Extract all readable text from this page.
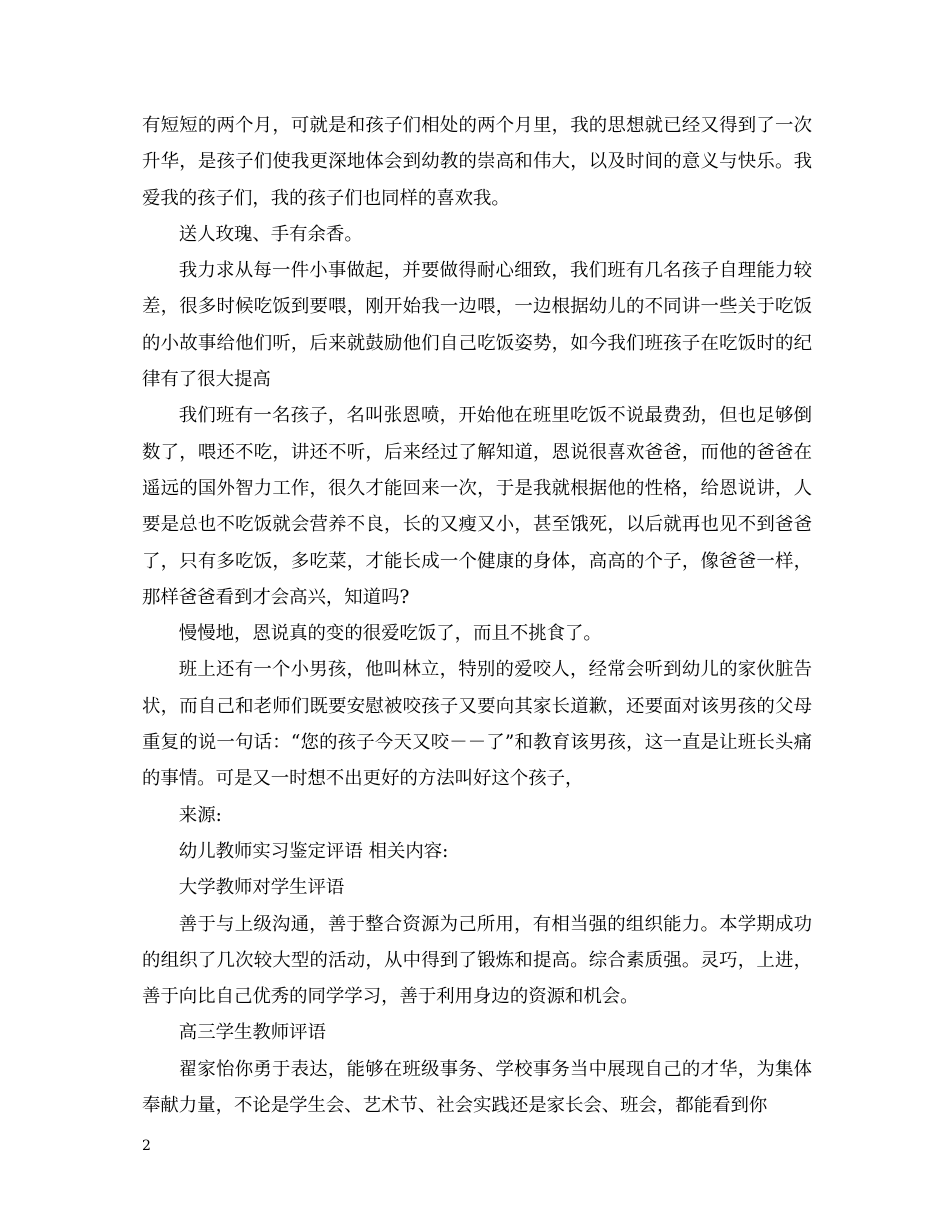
有短短的两个月，可就是和孩子们相处的两个月里，我的思想就已经又得到了一次升华，是孩子们使我更深地体会到幼教的崇高和伟大，以及时间的意义与快乐。我爱我的孩子们，我的孩子们也同样的喜欢我。

送人玫瑰、手有余香。

我力求从每一件小事做起，并要做得耐心细致，我们班有几名孩子自理能力较差，很多时候吃饭到要喂，刚开始我一边喂，一边根据幼儿的不同讲一些关于吃饭的小故事给他们听，后来就鼓励他们自己吃饭姿势，如今我们班孩子在吃饭时的纪律有了很大提高

我们班有一名孩子，名叫张恩喷，开始他在班里吃饭不说最费劲，但也足够倒数了，喂还不吃，讲还不听，后来经过了解知道，恩说很喜欢爸爸，而他的爸爸在遥远的国外智力工作，很久才能回来一次，于是我就根据他的性格，给恩说讲，人要是总也不吃饭就会营养不良，长的又瘦又小，甚至饿死，以后就再也见不到爸爸了，只有多吃饭，多吃菜，才能长成一个健康的身体，高高的个子，像爸爸一样，那样爸爸看到才会高兴，知道吗?

慢慢地，恩说真的变的很爱吃饭了，而且不挑食了。

班上还有一个小男孩，他叫林立，特别的爱咬人，经常会听到幼儿的家伙脏告状，而自己和老师们既要安慰被咬孩子又要向其家长道歉，还要面对该男孩的父母重复的说一句话：“您的孩子今天又咬－－了”和教育该男孩，这一直是让班长头痛的事情。可是又一时想不出更好的方法叫好这个孩子，

来源:

幼儿教师实习鉴定评语 相关内容:

大学教师对学生评语

善于与上级沟通，善于整合资源为己所用，有相当强的组织能力。本学期成功的组织了几次较大型的活动，从中得到了锻炼和提高。综合素质强。灵巧，上进，善于向比自己优秀的同学学习，善于利用身边的资源和机会。

高三学生教师评语

翟家怡你勇于表达，能够在班级事务、学校事务当中展现自己的才华，为集体奉献力量，不论是学生会、艺术节、社会实践还是家长会、班会，都能看到你

2
